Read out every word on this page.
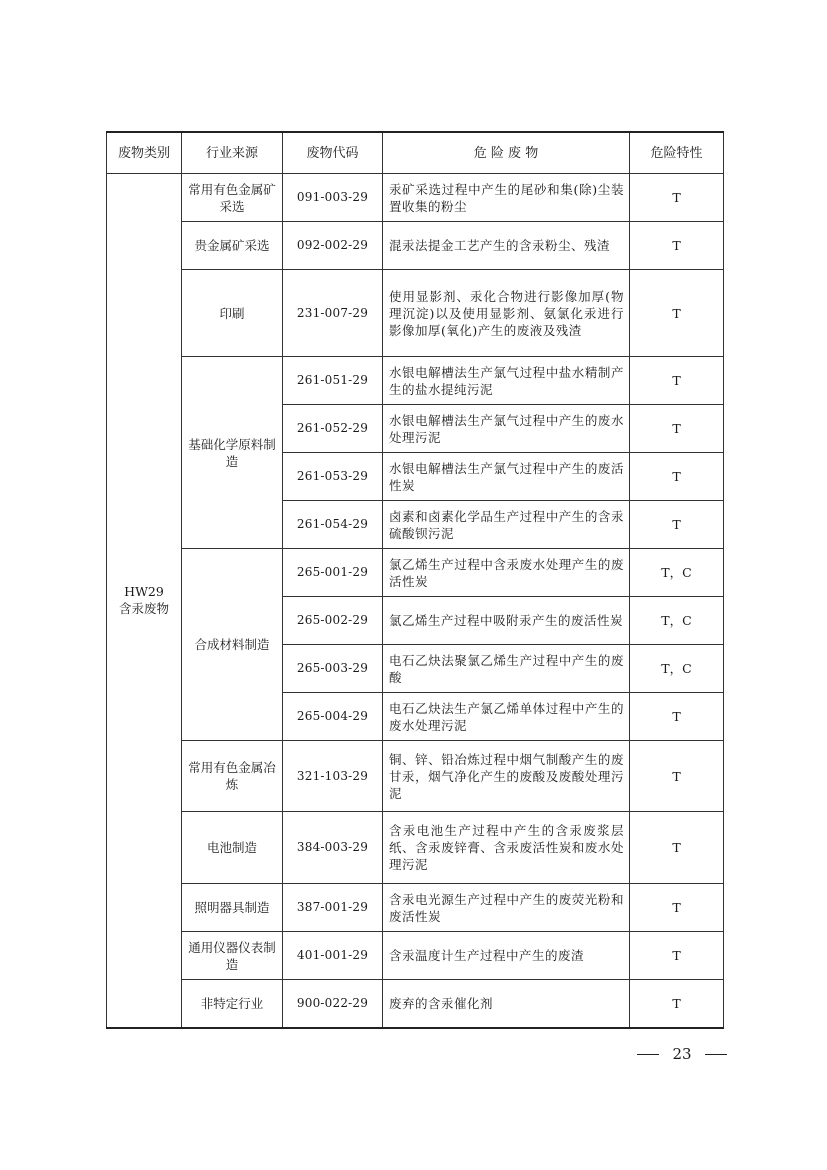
废物类别	行业来源	废物代码	危 险 废 物	危险特性

HW29
含汞废物	常用有色金属矿采选	091-003-29	汞矿采选过程中产生的尾砂和集(除)尘装置收集的粉尘	T
	贵金属矿采选	092-002-29	混汞法提金工艺产生的含汞粉尘、残渣	T
	印刷	231-007-29	使用显影剂、汞化合物进行影像加厚(物理沉淀)以及使用显影剂、氨氯化汞进行影像加厚(氧化)产生的废液及残渣	T
	基础化学原料制造	261-051-29	水银电解槽法生产氯气过程中盐水精制产生的盐水提纯污泥	T
		261-052-29	水银电解槽法生产氯气过程中产生的废水处理污泥	T
		261-053-29	水银电解槽法生产氯气过程中产生的废活性炭	T
		261-054-29	卤素和卤素化学品生产过程中产生的含汞硫酸钡污泥	T
	合成材料制造	265-001-29	氯乙烯生产过程中含汞废水处理产生的废活性炭	T，C
		265-002-29	氯乙烯生产过程中吸附汞产生的废活性炭	T，C
		265-003-29	电石乙炔法聚氯乙烯生产过程中产生的废酸	T，C
		265-004-29	电石乙炔法生产氯乙烯单体过程中产生的废水处理污泥	T
	常用有色金属冶炼	321-103-29	铜、锌、铅冶炼过程中烟气制酸产生的废甘汞，烟气净化产生的废酸及废酸处理污泥	T
	电池制造	384-003-29	含汞电池生产过程中产生的含汞废浆层纸、含汞废锌膏、含汞废活性炭和废水处理污泥	T
	照明器具制造	387-001-29	含汞电光源生产过程中产生的废荧光粉和废活性炭	T
	通用仪器仪表制造	401-001-29	含汞温度计生产过程中产生的废渣	T
	非特定行业	900-022-29	废弃的含汞催化剂	T
23
